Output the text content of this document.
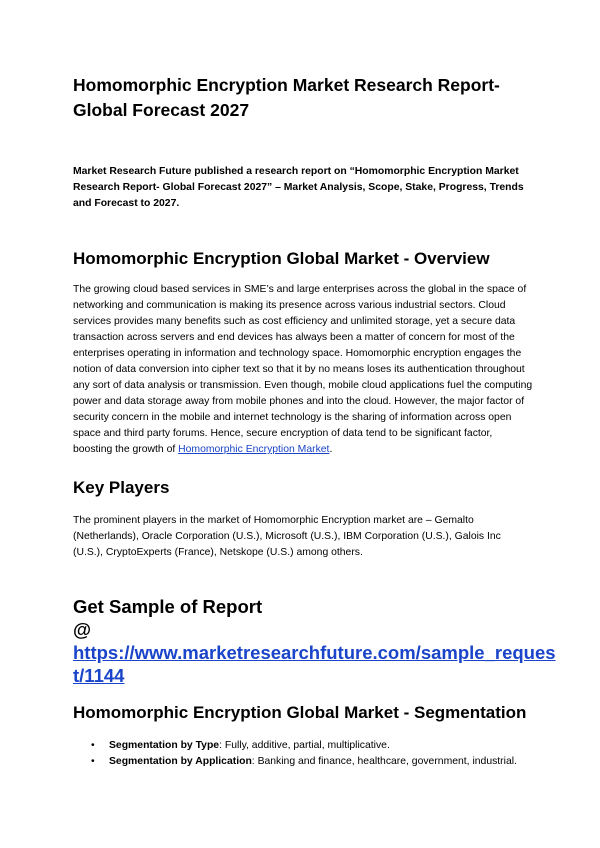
Homomorphic Encryption Market Research Report- Global Forecast 2027

Market Research Future published a research report on “Homomorphic Encryption Market Research Report- Global Forecast 2027” – Market Analysis, Scope, Stake, Progress, Trends and Forecast to 2027.

Homomorphic Encryption Global Market - Overview

The growing cloud based services in SME’s and large enterprises across the global in the space of networking and communication is making its presence across various industrial sectors. Cloud services provides many benefits such as cost efficiency and unlimited storage, yet a secure data transaction across servers and end devices has always been a matter of concern for most of the enterprises operating in information and technology space. Homomorphic encryption engages the notion of data conversion into cipher text so that it by no means loses its authentication throughout any sort of data analysis or transmission. Even though, mobile cloud applications fuel the computing power and data storage away from mobile phones and into the cloud. However, the major factor of security concern in the mobile and internet technology is the sharing of information across open space and third party forums. Hence, secure encryption of data tend to be significant factor, boosting the growth of Homomorphic Encryption Market.

Key Players

The prominent players in the market of Homomorphic Encryption market are – Gemalto (Netherlands), Oracle Corporation (U.S.), Microsoft (U.S.), IBM Corporation (U.S.), Galois Inc (U.S.), CryptoExperts (France), Netskope (U.S.) among others.

Get Sample of Report
@ https://www.marketresearchfuture.com/sample_reques
t/1144
Homomorphic Encryption Global Market - Segmentation
• Segmentation by Type: Fully, additive, partial, multiplicative.
• Segmentation by Application: Banking and finance, healthcare, government, industrial.
